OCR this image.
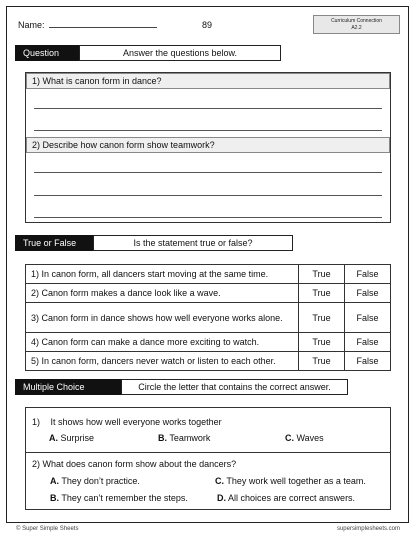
Name:	89	Curriculum Connection
A2.2
Question	Answer the questions below.
1) What is canon form in dance?
2) Describe how canon form show teamwork?
True or False	Is the statement true or false?
1) In canon form, all dancers start moving at the same time.	True	False
2) Canon form makes a dance look like a wave.	True	False
3) Canon form in dance shows how well everyone works alone.	True	False
4) Canon form can make a dance more exciting to watch.	True	False
5) In canon form, dancers never watch or listen to each other.	True	False
Multiple Choice	Circle the letter that contains the correct answer.
1) It shows how well everyone works together
A. Surprise	B. Teamwork	C. Waves
2) What does canon form show about the dancers?
A. They don’t practice.	C. They work well together as a team.
B. They can’t remember the steps.	D. All choices are correct answers.
© Super Simple Sheets	supersimplesheets.com
